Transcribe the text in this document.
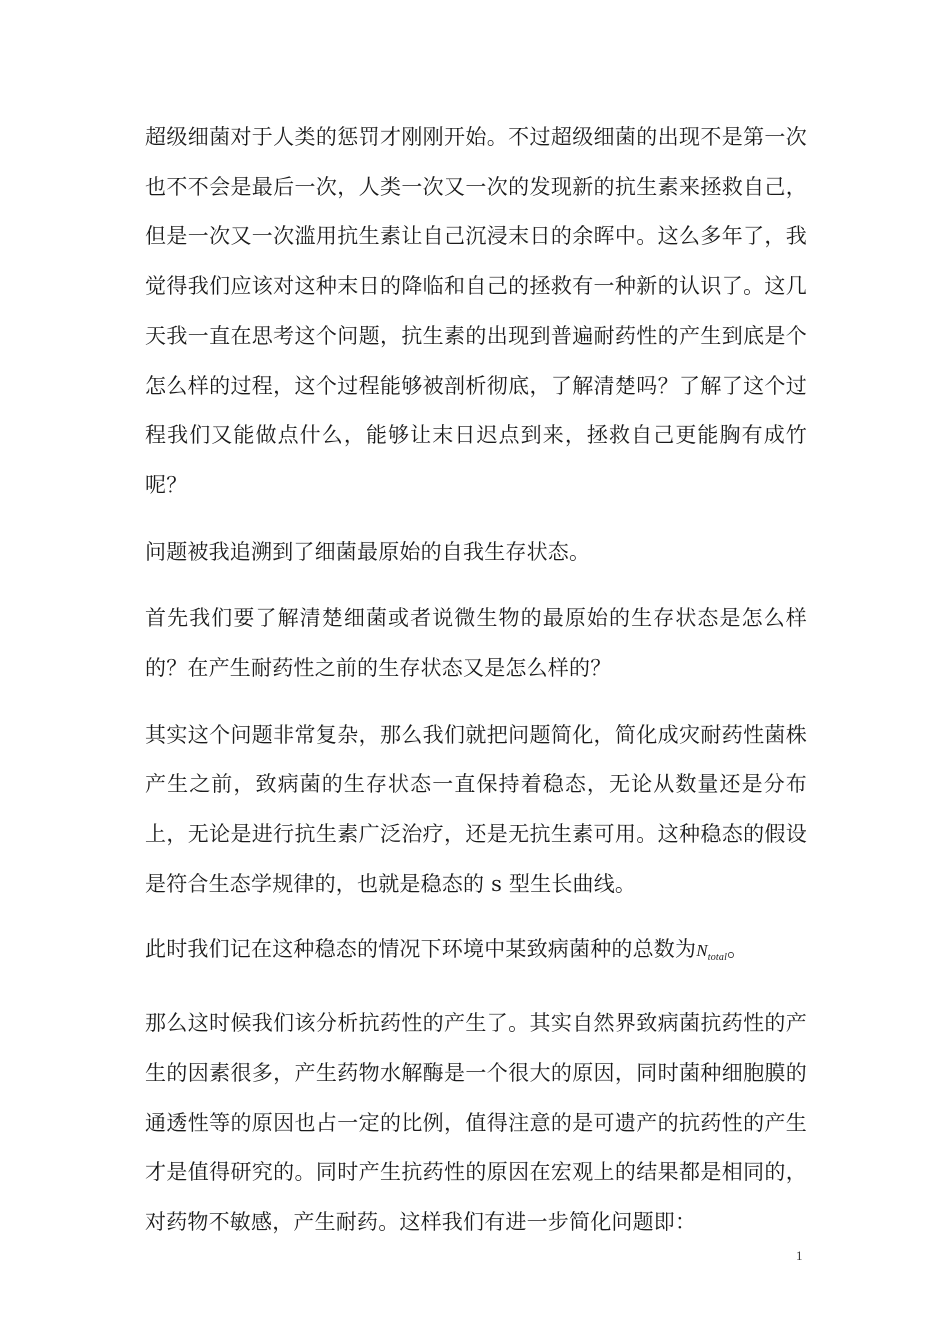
超级细菌对于人类的惩罚才刚刚开始。不过超级细菌的出现不是第一次也不不会是最后一次，人类一次又一次的发现新的抗生素来拯救自己，但是一次又一次滥用抗生素让自己沉浸末日的余晖中。这么多年了，我觉得我们应该对这种末日的降临和自己的拯救有一种新的认识了。这几天我一直在思考这个问题，抗生素的出现到普遍耐药性的产生到底是个怎么样的过程，这个过程能够被剖析彻底，了解清楚吗？了解了这个过程我们又能做点什么，能够让末日迟点到来，拯救自己更能胸有成竹呢？

问题被我追溯到了细菌最原始的自我生存状态。

首先我们要了解清楚细菌或者说微生物的最原始的生存状态是怎么样的？在产生耐药性之前的生存状态又是怎么样的？

其实这个问题非常复杂，那么我们就把问题简化，简化成灾耐药性菌株产生之前，致病菌的生存状态一直保持着稳态，无论从数量还是分布上，无论是进行抗生素广泛治疗，还是无抗生素可用。这种稳态的假设是符合生态学规律的，也就是稳态的 s 型生长曲线。

此时我们记在这种稳态的情况下环境中某致病菌种的总数为$N_{total}$。

那么这时候我们该分析抗药性的产生了。其实自然界致病菌抗药性的产生的因素很多，产生药物水解酶是一个很大的原因，同时菌种细胞膜的通透性等的原因也占一定的比例，值得注意的是可遗产的抗药性的产生才是值得研究的。同时产生抗药性的原因在宏观上的结果都是相同的，对药物不敏感，产生耐药。这样我们有进一步简化问题即：

1
